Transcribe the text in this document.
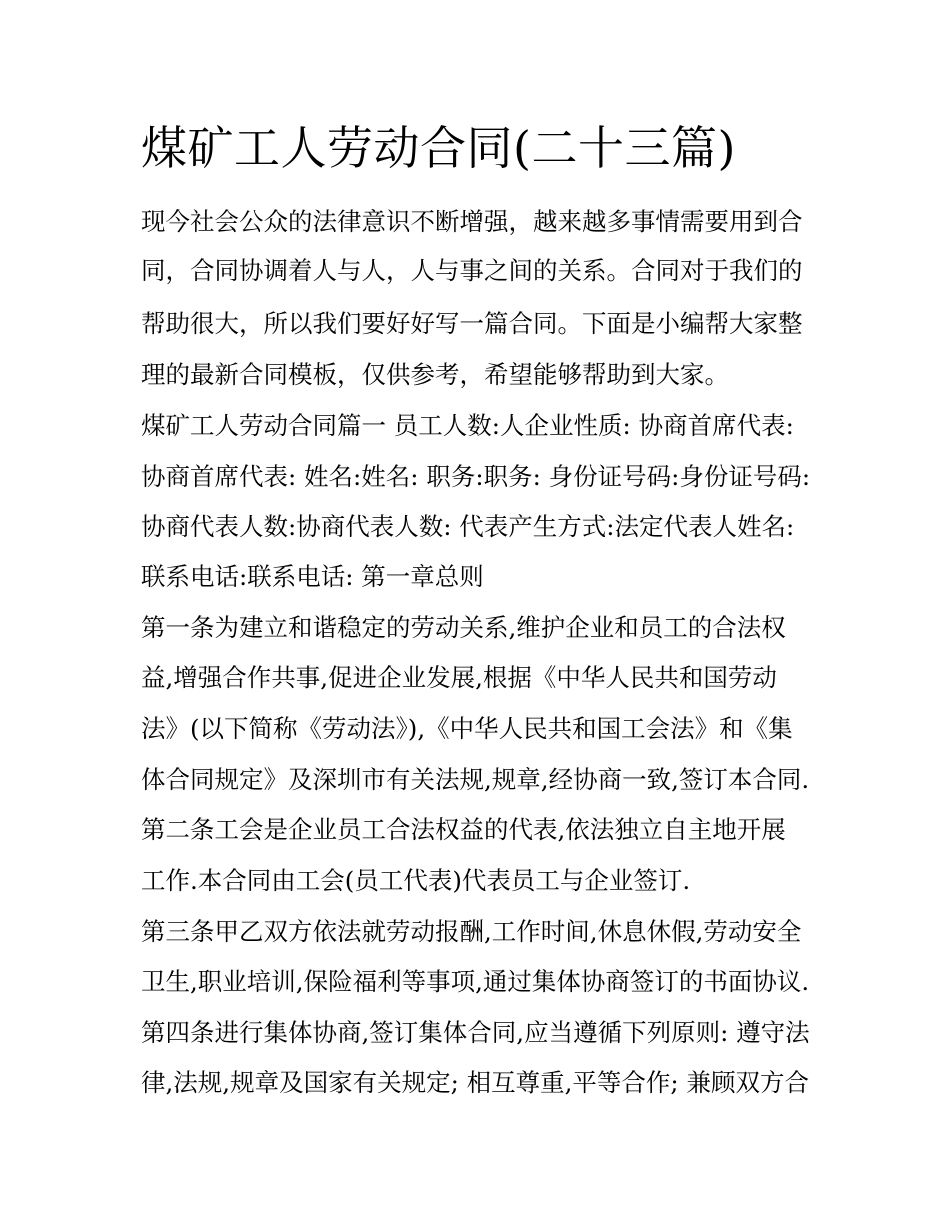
煤矿工人劳动合同(二十三篇)

现今社会公众的法律意识不断增强，越来越多事情需要用到合

同，合同协调着人与人，人与事之间的关系。合同对于我们的

帮助很大，所以我们要好好写一篇合同。下面是小编帮大家整

理的最新合同模板，仅供参考，希望能够帮助到大家。

煤矿工人劳动合同篇一 员工人数:人企业性质: 协商首席代表:

协商首席代表: 姓名:姓名: 职务:职务: 身份证号码:身份证号码:

协商代表人数:协商代表人数: 代表产生方式:法定代表人姓名:

联系电话:联系电话: 第一章总则

第一条为建立和谐稳定的劳动关系,维护企业和员工的合法权

益,增强合作共事,促进企业发展,根据《中华人民共和国劳动

法》(以下简称《劳动法》),《中华人民共和国工会法》和《集

体合同规定》及深圳市有关法规,规章,经协商一致,签订本合同.

第二条工会是企业员工合法权益的代表,依法独立自主地开展

工作.本合同由工会(员工代表)代表员工与企业签订.

第三条甲乙双方依法就劳动报酬,工作时间,休息休假,劳动安全

卫生,职业培训,保险福利等事项,通过集体协商签订的书面协议.

第四条进行集体协商,签订集体合同,应当遵循下列原则: 遵守法

律,法规,规章及国家有关规定; 相互尊重,平等合作; 兼顾双方合
